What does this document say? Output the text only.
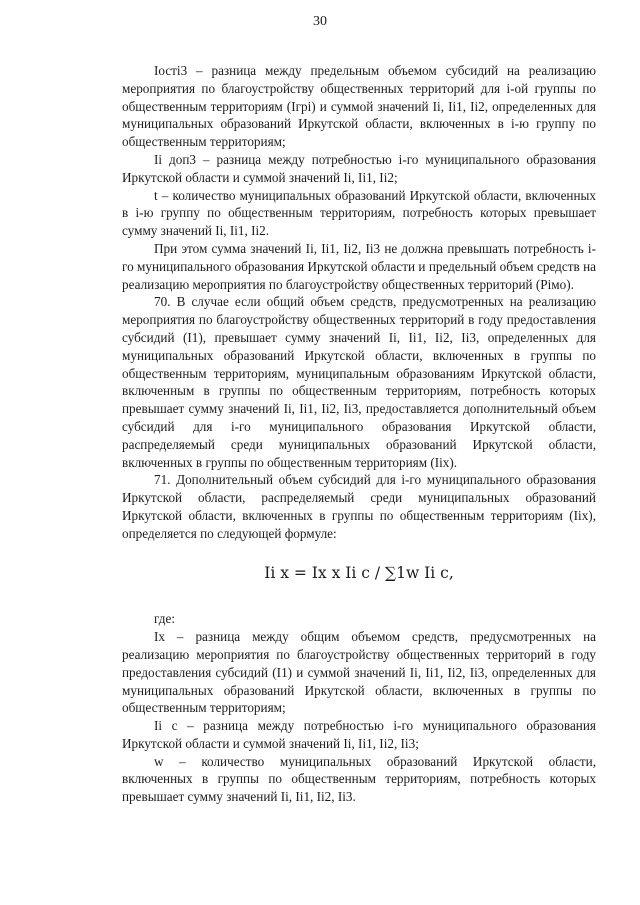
30

Iостi3 – разница между предельным объемом субсидий на реализацию мероприятия по благоустройству общественных территорий для i-ой группы по общественным территориям (Iгрi) и суммой значений Ii, Ii1, Ii2, определенных для муниципальных образований Иркутской области, включенных в i-ю группу по общественным территориям;

Ii доп3 – разница между потребностью i-го муниципального образования Иркутской области и суммой значений Ii, Ii1, Ii2;

t – количество муниципальных образований Иркутской области, включенных в i-ю группу по общественным территориям, потребность которых превышает сумму значений Ii, Ii1, Ii2.

При этом сумма значений Ii, Ii1, Ii2, Ii3 не должна превышать потребность i-го муниципального образования Иркутской области и предельный объем средств на реализацию мероприятия по благоустройству общественных территорий (Piмо).

70. В случае если общий объем средств, предусмотренных на реализацию мероприятия по благоустройству общественных территорий в году предоставления субсидий (I1), превышает сумму значений Ii, Ii1, Ii2, Ii3, определенных для муниципальных образований Иркутской области, включенных в группы по общественным территориям, муниципальным образованиям Иркутской области, включенным в группы по общественным территориям, потребность которых превышает сумму значений Ii, Ii1, Ii2, Ii3, предоставляется дополнительный объем субсидий для i-го муниципального образования Иркутской области, распределяемый среди муниципальных образований Иркутской области, включенных в группы по общественным территориям (Iix).

71. Дополнительный объем субсидий для i-го муниципального образования Иркутской области, распределяемый среди муниципальных образований Иркутской области, включенных в группы по общественным территориям (Iix), определяется по следующей формуле:

Ii x = Ix x Ii c / ∑1w Ii c,

где:

Ix – разница между общим объемом средств, предусмотренных на реализацию мероприятия по благоустройству общественных территорий в году предоставления субсидий (I1) и суммой значений Ii, Ii1, Ii2, Ii3, определенных для муниципальных образований Иркутской области, включенных в группы по общественным территориям;

Ii c – разница между потребностью i-го муниципального образования Иркутской области и суммой значений Ii, Ii1, Ii2, Ii3;

w – количество муниципальных образований Иркутской области, включенных в группы по общественным территориям, потребность которых превышает сумму значений Ii, Ii1, Ii2, Ii3.
